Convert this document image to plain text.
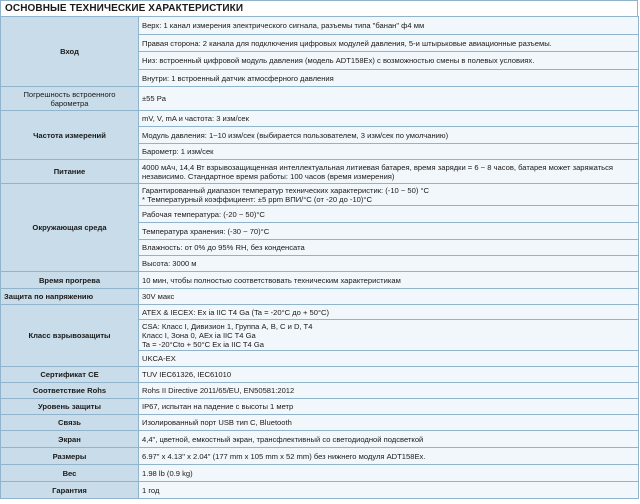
ОСНОВНЫЕ ТЕХНИЧЕСКИЕ ХАРАКТЕРИСТИКИ
Вход	Верх: 1 канал измерения электрического сигнала, разъемы типа "банан" ф4 мм
	Правая сторона: 2 канала для подключения цифровых модулей давления, 5-и штырьковые авиационные разъемы.
	Низ: встроенный цифровой модуль давления (модель ADT158Ex) с возможностью смены в полевых условиях.
	Внутри: 1 встроенный датчик атмосферного давления
Погрешность встроенного барометра	±55 Pa
Частота измерений	mV, V, mA и частота: 3 изм/сек
	Модуль давления: 1~10 изм/сек (выбирается пользователем, 3 изм/сек по умолчанию)
	Барометр: 1 изм/сек
Питание	4000 мАч, 14,4 Вт взрывозащищенная интеллектуальная литиевая батарея, время зарядки = 6 ~ 8 часов, батарея может заряжаться независимо. Стандартное время работы: 100 часов (время измерения)
Окружающая среда	Гарантированный диапазон температур технических характеристик: (-10 ~ 50) °C
* Температурный коэффициент: ±5 ppm ВПИ/°C (от -20 до -10)°C
	Рабочая температура: (-20 ~ 50)°C
	Температура хранения: (-30 ~ 70)°C
	Влажность: от 0% до 95% RH, без конденсата
	Высота: 3000 м
Время прогрева	10 мин, чтобы полностью соответствовать техническим характеристикам
Защита по напряжению	30V макс
Класс взрывозащиты	ATEX & IECEX: Ex ia IIC T4 Ga (Ta = -20°C до + 50°C)
	CSA: Класс I, Дивизион 1, Группа A, B, C и D, T4
Класс I, Зона 0, AEx ia IIC T4 Ga
Ta = -20°Cto + 50°C Ex ia IIC T4 Ga
	UKCA-EX
Сертификат CE	TUV IEC61326, IEC61010
Соответствие Rohs	Rohs II Directive 2011/65/EU, EN50581:2012
Уровень защиты	IP67, испытан на падение с высоты 1 метр
Связь	Изолированный порт USB тип C, Bluetooth
Экран	4,4", цветной, емкостный экран, трансфлективный со светодиодной подсветкой
Размеры	6.97" x 4.13" x 2.04" (177 mm x 105 mm x 52 mm) без нижнего модуля ADT158Ex.
Вес	1.98 lb (0.9 kg)
Гарантия	1 год
